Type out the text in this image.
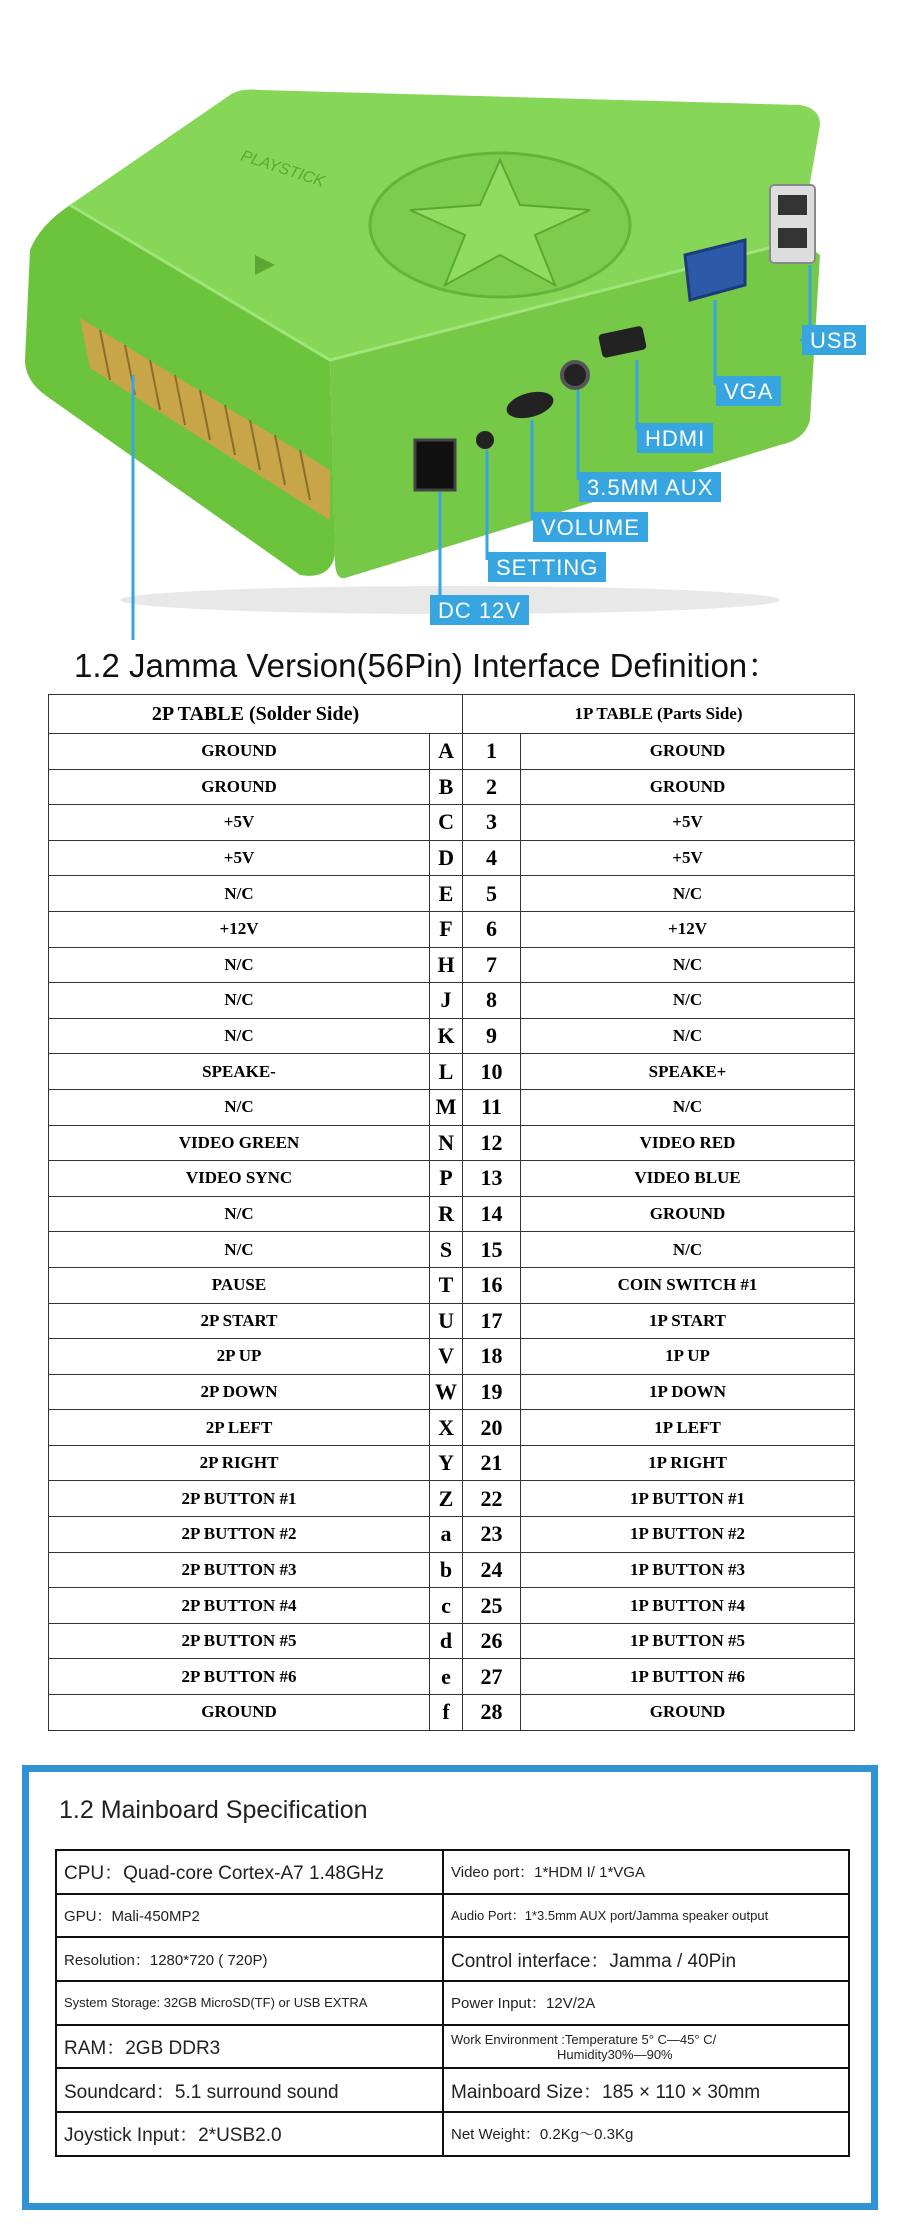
PLAYSTICK
USB
VGA
HDMI
3.5MM AUX
VOLUME
SETTING
DC 12V
1.2 Jamma Version(56Pin) Interface Definition：
2P TABLE (Solder Side)		1P TABLE (Parts Side)	
GROUND	A	1	GROUND
GROUND	B	2	GROUND
+5V	C	3	+5V
+5V	D	4	+5V
N/C	E	5	N/C
+12V	F	6	+12V
N/C	H	7	N/C
N/C	J	8	N/C
N/C	K	9	N/C
SPEAKE-	L	10	SPEAKE+
N/C	M	11	N/C
VIDEO GREEN	N	12	VIDEO RED
VIDEO SYNC	P	13	VIDEO BLUE
N/C	R	14	GROUND
N/C	S	15	N/C
PAUSE	T	16	COIN SWITCH #1
2P START	U	17	1P START
2P UP	V	18	1P UP
2P DOWN	W	19	1P DOWN
2P LEFT	X	20	1P LEFT
2P RIGHT	Y	21	1P RIGHT
2P BUTTON #1	Z	22	1P BUTTON #1
2P BUTTON #2	a	23	1P BUTTON #2
2P BUTTON #3	b	24	1P BUTTON #3
2P BUTTON #4	c	25	1P BUTTON #4
2P BUTTON #5	d	26	1P BUTTON #5
2P BUTTON #6	e	27	1P BUTTON #6
GROUND	f	28	GROUND
1.2 Mainboard Specification
CPU：Quad-core Cortex-A7 1.48GHz	Video port：1*HDM I/ 1*VGA
GPU：Mali-450MP2	Audio Port：1*3.5mm AUX port/Jamma speaker output
Resolution：1280*720 ( 720P)	Control interface：Jamma / 40Pin
System Storage: 32GB MicroSD(TF) or USB EXTRA	Power Input：12V/2A
RAM：2GB DDR3	Work Environment :Temperature 5° C—45° C/
Humidity30%—90%

Soundcard：5.1 surround sound	Mainboard Size：185 × 110 × 30mm
Joystick Input：2*USB2.0	Net Weight：0.2Kg～0.3Kg
